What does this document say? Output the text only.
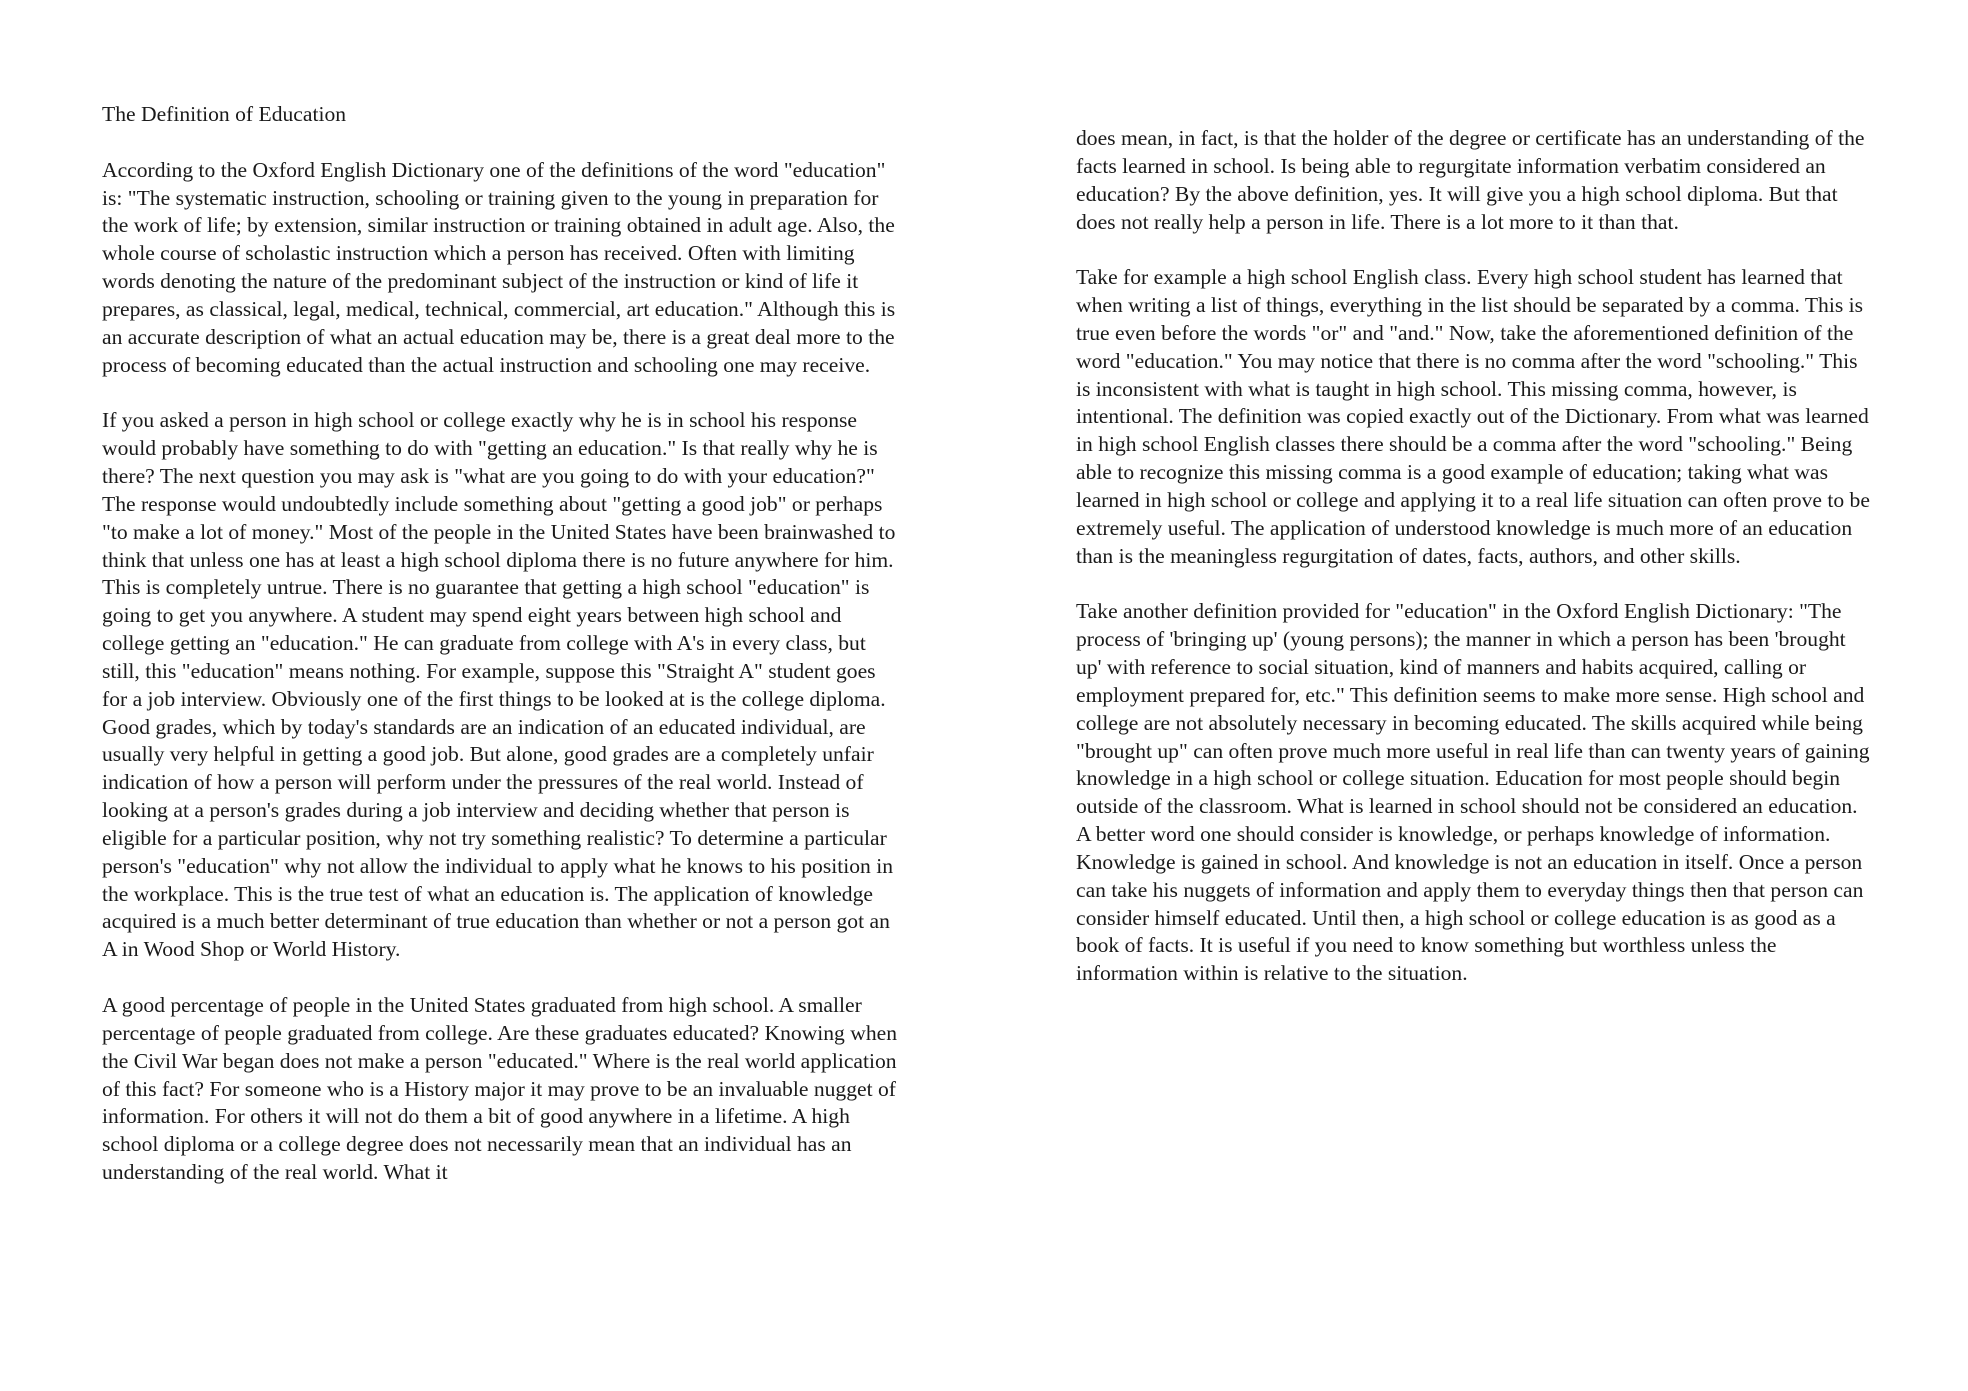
The Definition of Education

According to the Oxford English Dictionary one of the definitions of the word "education" is: "The systematic instruction, schooling or training given to the young in preparation for the work of life; by extension, similar instruction or training obtained in adult age. Also, the whole course of scholastic instruction which a person has received. Often with limiting words denoting the nature of the predominant subject of the instruction or kind of life it prepares, as classical, legal, medical, technical, commercial, art education." Although this is an accurate description of what an actual education may be, there is a great deal more to the process of becoming educated than the actual instruction and schooling one may receive.

If you asked a person in high school or college exactly why he is in school his response would probably have something to do with "getting an education." Is that really why he is there? The next question you may ask is "what are you going to do with your education?" The response would undoubtedly include something about "getting a good job" or perhaps "to make a lot of money." Most of the people in the United States have been brainwashed to think that unless one has at least a high school diploma there is no future anywhere for him. This is completely untrue. There is no guarantee that getting a high school "education" is going to get you anywhere. A student may spend eight years between high school and college getting an "education." He can graduate from college with A's in every class, but still, this "education" means nothing. For example, suppose this "Straight A" student goes for a job interview. Obviously one of the first things to be looked at is the college diploma. Good grades, which by today's standards are an indication of an educated individual, are usually very helpful in getting a good job. But alone, good grades are a completely unfair indication of how a person will perform under the pressures of the real world. Instead of looking at a person's grades during a job interview and deciding whether that person is eligible for a particular position, why not try something realistic? To determine a particular person's "education" why not allow the individual to apply what he knows to his position in the workplace. This is the true test of what an education is. The application of knowledge acquired is a much better determinant of true education than whether or not a person got an A in Wood Shop or World History.

A good percentage of people in the United States graduated from high school. A smaller percentage of people graduated from college. Are these graduates educated? Knowing when the Civil War began does not make a person "educated." Where is the real world application of this fact? For someone who is a History major it may prove to be an invaluable nugget of information. For others it will not do them a bit of good anywhere in a lifetime. A high school diploma or a college degree does not necessarily mean that an individual has an understanding of the real world. What it

does mean, in fact, is that the holder of the degree or certificate has an understanding of the facts learned in school. Is being able to regurgitate information verbatim considered an education? By the above definition, yes. It will give you a high school diploma. But that does not really help a person in life. There is a lot more to it than that.

Take for example a high school English class. Every high school student has learned that when writing a list of things, everything in the list should be separated by a comma. This is true even before the words "or" and "and." Now, take the aforementioned definition of the word "education." You may notice that there is no comma after the word "schooling." This is inconsistent with what is taught in high school. This missing comma, however, is intentional. The definition was copied exactly out of the Dictionary. From what was learned in high school English classes there should be a comma after the word "schooling." Being able to recognize this missing comma is a good example of education; taking what was learned in high school or college and applying it to a real life situation can often prove to be extremely useful. The application of understood knowledge is much more of an education than is the meaningless regurgitation of dates, facts, authors, and other skills.

Take another definition provided for "education" in the Oxford English Dictionary: "The process of 'bringing up' (young persons); the manner in which a person has been 'brought up' with reference to social situation, kind of manners and habits acquired, calling or employment prepared for, etc." This definition seems to make more sense. High school and college are not absolutely necessary in becoming educated. The skills acquired while being "brought up" can often prove much more useful in real life than can twenty years of gaining knowledge in a high school or college situation. Education for most people should begin outside of the classroom. What is learned in school should not be considered an education. A better word one should consider is knowledge, or perhaps knowledge of information. Knowledge is gained in school. And knowledge is not an education in itself. Once a person can take his nuggets of information and apply them to everyday things then that person can consider himself educated. Until then, a high school or college education is as good as a book of facts. It is useful if you need to know something but worthless unless the information within is relative to the situation.
